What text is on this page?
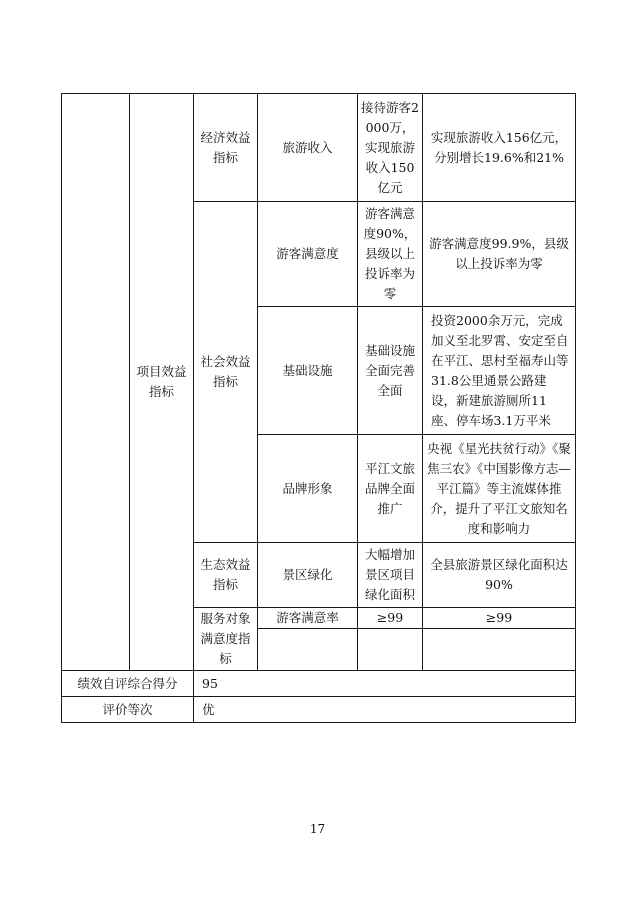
	项目效益指标	经济效益指标	旅游收入	接待游客2000万，实现旅游收入150亿元	实现旅游收入156亿元，分别增长19.6%和21%
		社会效益指标	游客满意度	游客满意度90%，县级以上投诉率为零	游客满意度99.9%，县级以上投诉率为零
			基础设施	基础设施全面完善全面	投资2000余万元，完成加义至北罗霄、安定至自在平江、思村至福寿山等31.8公里通景公路建设，新建旅游厕所11座、停车场3.1万平米
			品牌形象	平江文旅品牌全面推广	央视《星光扶贫行动》《聚焦三农》《中国影像方志—平江篇》等主流媒体推介，提升了平江文旅知名度和影响力
		生态效益指标	景区绿化	大幅增加景区项目绿化面积	全县旅游景区绿化面积达90%
		服务对象满意度指标	游客满意率	≥99	≥99

绩效自评综合得分		95			
评价等次		优			
17
